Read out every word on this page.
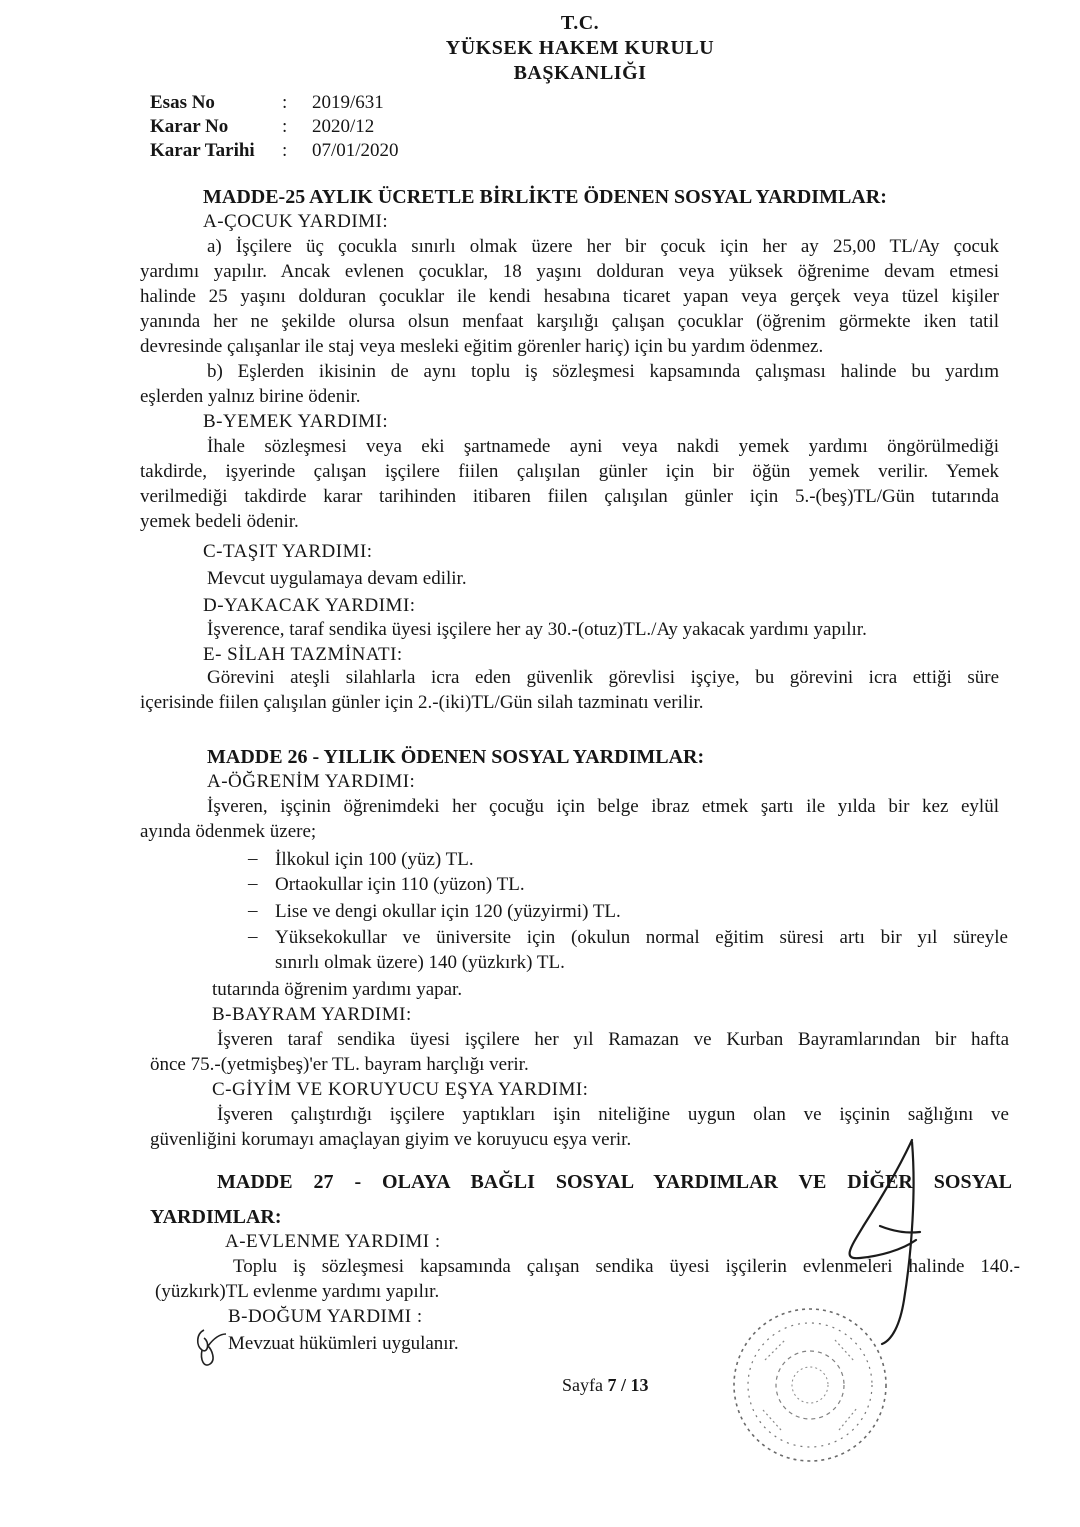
T.C.
YÜKSEK HAKEM KURULU
BAŞKANLIĞI
Esas No	: 2019/631
Karar No	: 2020/12
Karar Tarihi : 07/01/2020
MADDE-25 AYLIK ÜCRETLE BİRLİKTE ÖDENEN SOSYAL YARDIMLAR:
A-ÇOCUK YARDIMI:
a) İşçilere üç çocukla sınırlı olmak üzere her bir çocuk için her ay 25,00 TL/Ay çocuk
yardımı yapılır. Ancak evlenen çocuklar, 18 yaşını dolduran veya yüksek öğrenime devam etmesi
halinde 25 yaşını dolduran çocuklar ile kendi hesabına ticaret yapan veya gerçek veya tüzel kişiler
yanında her ne şekilde olursa olsun menfaat karşılığı çalışan çocuklar (öğrenim görmekte iken tatil
devresinde çalışanlar ile staj veya mesleki eğitim görenler hariç) için bu yardım ödenmez.
b) Eşlerden ikisinin de aynı toplu iş sözleşmesi kapsamında çalışması halinde bu yardım
eşlerden yalnız birine ödenir.
B-YEMEK YARDIMI:
İhale sözleşmesi veya eki şartnamede ayni veya nakdi yemek yardımı öngörülmediği
takdirde, işyerinde çalışan işçilere fiilen çalışılan günler için bir öğün yemek verilir. Yemek
verilmediği takdirde karar tarihinden itibaren fiilen çalışılan günler için 5.-(beş)TL/Gün tutarında
yemek bedeli ödenir.
C-TAŞIT YARDIMI:
Mevcut uygulamaya devam edilir.
D-YAKACAK YARDIMI:
İşverence, taraf sendika üyesi işçilere her ay 30.-(otuz)TL./Ay yakacak yardımı yapılır.
E- SİLAH TAZMİNATI:
Görevini ateşli silahlarla icra eden güvenlik görevlisi işçiye, bu görevini icra ettiği süre
içerisinde fiilen çalışılan günler için 2.-(iki)TL/Gün silah tazminatı verilir.
MADDE 26 - YILLIK ÖDENEN SOSYAL YARDIMLAR:
A-ÖĞRENİM YARDIMI:
İşveren, işçinin öğrenimdeki her çocuğu için belge ibraz etmek şartı ile yılda bir kez eylül
ayında ödenmek üzere;
– İlkokul için 100 (yüz) TL.
– Ortaokullar için 110 (yüzon) TL.
– Lise ve dengi okullar için 120 (yüzyirmi) TL.
– Yüksekokullar ve üniversite için (okulun normal eğitim süresi artı bir yıl süreyle
sınırlı olmak üzere) 140 (yüzkırk) TL.
tutarında öğrenim yardımı yapar.
B-BAYRAM YARDIMI:
İşveren taraf sendika üyesi işçilere her yıl Ramazan ve Kurban Bayramlarından bir hafta
önce 75.-(yetmişbeş)'er TL. bayram harçlığı verir.
C-GİYİM VE KORUYUCU EŞYA YARDIMI:
İşveren çalıştırdığı işçilere yaptıkları işin niteliğine uygun olan ve işçinin sağlığını ve
güvenliğini korumayı amaçlayan giyim ve koruyucu eşya verir.
MADDE 27 - OLAYA BAĞLI SOSYAL YARDIMLAR VE DİĞER SOSYAL
YARDIMLAR:
A-EVLENME YARDIMI :
Toplu iş sözleşmesi kapsamında çalışan sendika üyesi işçilerin evlenmeleri halinde 140.-
(yüzkırk)TL evlenme yardımı yapılır.
B-DOĞUM YARDIMI :
Mevzuat hükümleri uygulanır.
Sayfa 7 / 13
